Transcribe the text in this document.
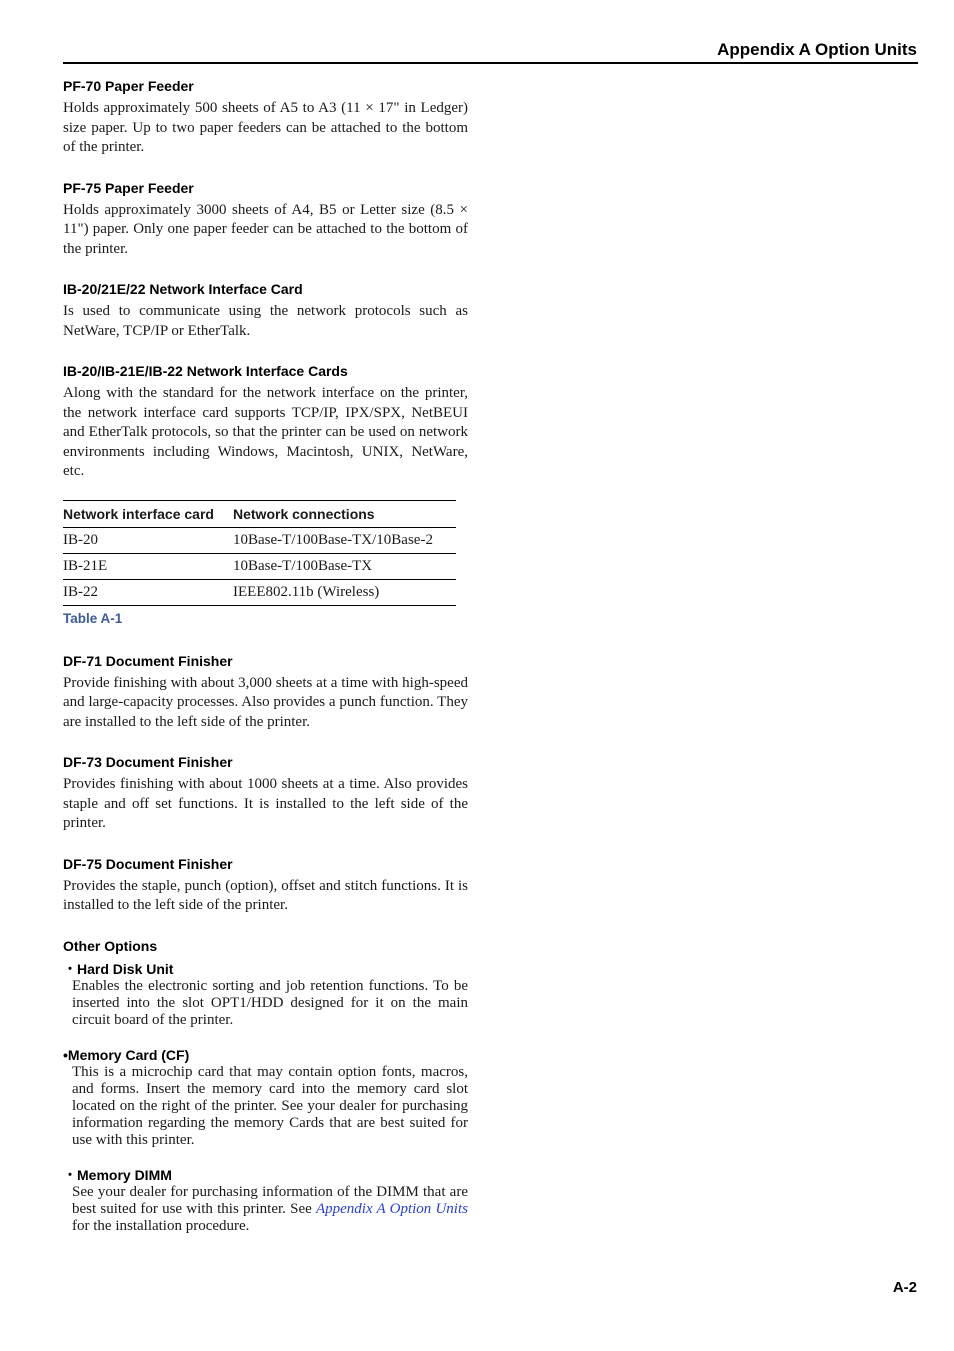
Appendix A Option Units
PF-70 Paper Feeder
Holds approximately 500 sheets of A5 to A3 (11 × 17" in Ledger) size paper. Up to two paper feeders can be attached to the bottom of the printer.
PF-75 Paper Feeder
Holds approximately 3000 sheets of A4, B5 or Letter size (8.5 × 11") paper. Only one paper feeder can be attached to the bottom of the printer.
IB-20/21E/22 Network Interface Card
Is used to communicate using the network protocols such as NetWare, TCP/IP or EtherTalk.
IB-20/IB-21E/IB-22 Network Interface Cards
Along with the standard for the network interface on the printer, the network interface card supports TCP/IP, IPX/SPX, NetBEUI and EtherTalk protocols, so that the printer can be used on network environments including Windows, Macintosh, UNIX, NetWare, etc.
Network interface card	Network connections
IB-20	10Base-T/100Base-TX/10Base-2
IB-21E	10Base-T/100Base-TX
IB-22	IEEE802.11b (Wireless)
Table A-1
DF-71 Document Finisher
Provide finishing with about 3,000 sheets at a time with high-speed and large-capacity processes. Also provides a punch function. They are installed to the left side of the printer.
DF-73 Document Finisher
Provides finishing with about 1000 sheets at a time. Also provides staple and off set functions. It is installed to the left side of the printer.
DF-75 Document Finisher
Provides the staple, punch (option), offset and stitch functions. It is installed to the left side of the printer.
Other Options
・Hard Disk Unit
Enables the electronic sorting and job retention functions. To be inserted into the slot OPT1/HDD designed for it on the main circuit board of the printer.
•Memory Card (CF)
This is a microchip card that may contain option fonts, macros, and forms. Insert the memory card into the memory card slot located on the right of the printer. See your dealer for purchasing information regarding the memory Cards that are best suited for use with this printer.
・Memory DIMM
See your dealer for purchasing information of the DIMM that are best suited for use with this printer. See Appendix A Option Units for the installation procedure.
A-2
